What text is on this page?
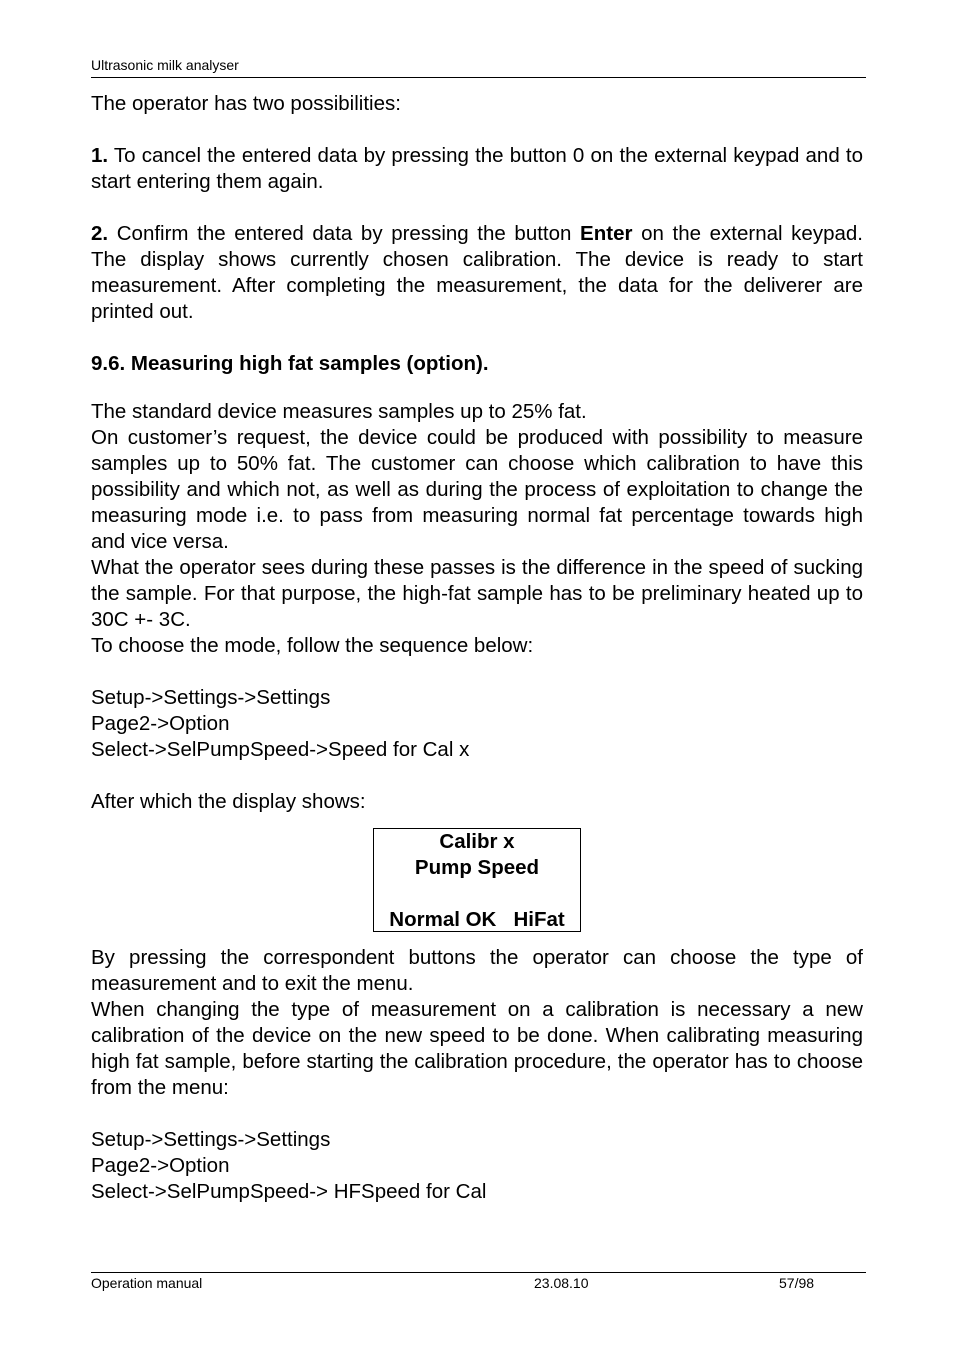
Ultrasonic milk analyser

The operator has two possibilities:

1. To cancel the entered data by pressing the button 0 on the external keypad and to start entering them again.

2. Confirm the entered data by pressing the button Enter on the external keypad. The display shows currently chosen calibration. The device is ready to start measurement. After completing the measurement, the data for the deliverer are printed out.

9.6. Measuring high fat samples (option).

The standard device measures samples up to 25% fat.

On customer’s request, the device could be produced with possibility to measure samples up to 50% fat. The customer can choose which calibration to have this possibility and which not, as well as during the process of exploitation to change the measuring mode i.e. to pass from measuring normal fat percentage towards high and vice versa.

What the operator sees during these passes is the difference in the speed of sucking the sample. For that purpose, the high-fat sample has to be preliminary heated up to 30C +- 3C.

To choose the mode, follow the sequence below:

Setup->Settings->Settings

Page2->Option

Select->SelPumpSpeed->Speed for Cal x

After which the display shows:

Calibr x
Pump Speed
Normal OK   HiFat

By pressing the correspondent buttons the operator can choose the type of measurement and to exit the menu.

When changing the type of measurement on a calibration is necessary a new calibration of the device on the new speed to be done. When calibrating measuring high fat sample, before starting the calibration procedure, the operator has to choose from the menu:

Setup->Settings->Settings

Page2->Option

Select->SelPumpSpeed-> HFSpeed for Cal

Operation manual	23.08.10	57/98
